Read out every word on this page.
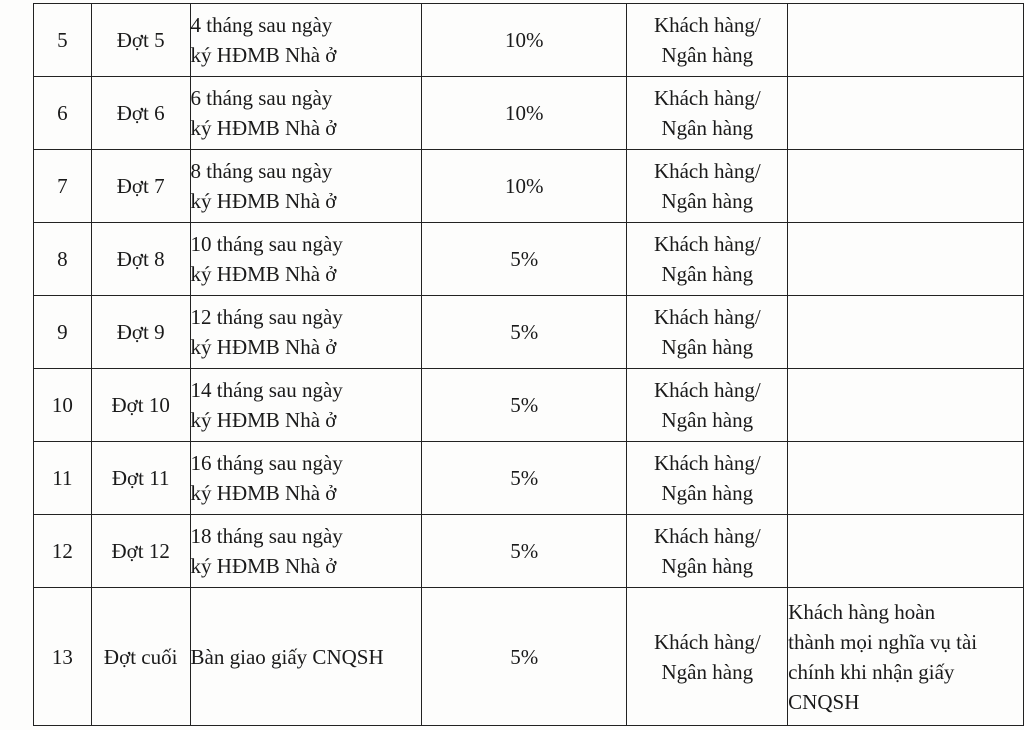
5	Đợt 5	4 tháng sau ngày
ký HĐMB Nhà ở	10%	Khách hàng/
Ngân hàng	

6	Đợt 6	6 tháng sau ngày
ký HĐMB Nhà ở	10%	Khách hàng/
Ngân hàng	

7	Đợt 7	8 tháng sau ngày
ký HĐMB Nhà ở	10%	Khách hàng/
Ngân hàng	

8	Đợt 8	10 tháng sau ngày
ký HĐMB Nhà ở	5%	Khách hàng/
Ngân hàng	

9	Đợt 9	12 tháng sau ngày
ký HĐMB Nhà ở	5%	Khách hàng/
Ngân hàng	

10	Đợt 10	14 tháng sau ngày
ký HĐMB Nhà ở	5%	Khách hàng/
Ngân hàng	

11	Đợt 11	16 tháng sau ngày
ký HĐMB Nhà ở	5%	Khách hàng/
Ngân hàng	

12	Đợt 12	18 tháng sau ngày
ký HĐMB Nhà ở	5%	Khách hàng/
Ngân hàng	

13	Đợt cuối	Bàn giao giấy CNQSH	5%	Khách hàng/
Ngân hàng	Khách hàng hoàn
thành mọi nghĩa vụ tài
chính khi nhận giấy
CNQSH
